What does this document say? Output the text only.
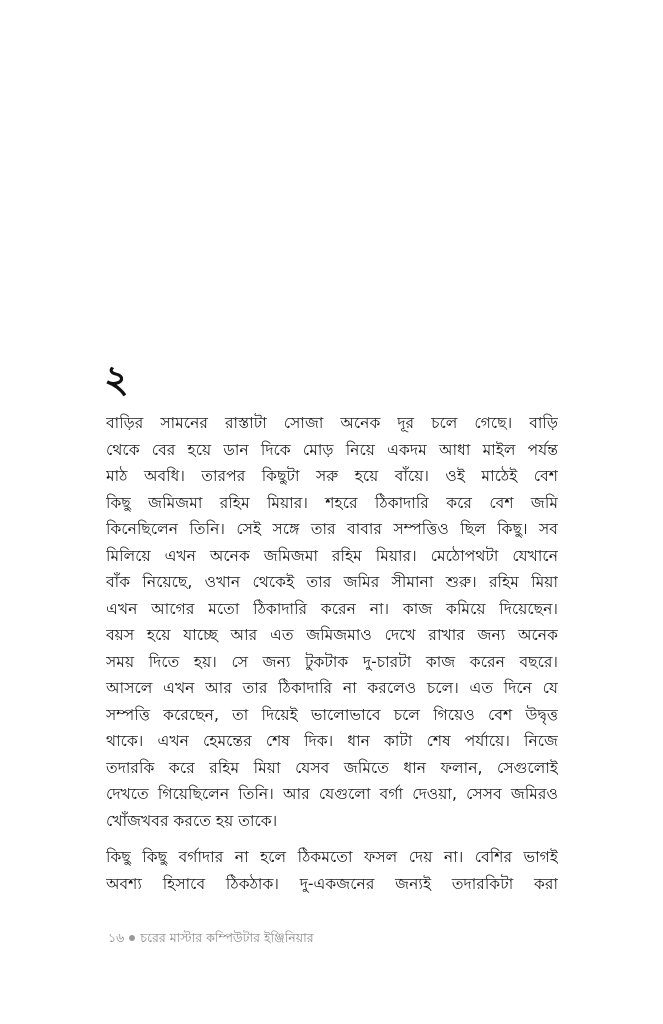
২

বাড়ির সামনের রাস্তাটা সোজা অনেক দূর চলে গেছে। বাড়ি
থেকে বের হয়ে ডান দিকে মোড় নিয়ে একদম আধা মাইল পর্যন্ত
মাঠ অবধি। তারপর কিছুটা সরু হয়ে বাঁয়ে। ওই মাঠেই বেশ
কিছু জমিজমা রহিম মিয়ার। শহরে ঠিকাদারি করে বেশ জমি
কিনেছিলেন তিনি। সেই সঙ্গে তার বাবার সম্পত্তিও ছিল কিছু। সব
মিলিয়ে এখন অনেক জমিজমা রহিম মিয়ার। মেঠোপথটা যেখানে
বাঁক নিয়েছে, ওখান থেকেই তার জমির সীমানা শুরু। রহিম মিয়া
এখন আগের মতো ঠিকাদারি করেন না। কাজ কমিয়ে দিয়েছেন।
বয়স হয়ে যাচ্ছে আর এত জমিজমাও দেখে রাখার জন্য অনেক
সময় দিতে হয়। সে জন্য টুকটাক দু-চারটা কাজ করেন বছরে।
আসলে এখন আর তার ঠিকাদারি না করলেও চলে। এত দিনে যে
সম্পত্তি করেছেন, তা দিয়েই ভালোভাবে চলে গিয়েও বেশ উদ্বৃত্ত
থাকে। এখন হেমন্তের শেষ দিক। ধান কাটা শেষ পর্যায়ে। নিজে
তদারকি করে রহিম মিয়া যেসব জমিতে ধান ফলান, সেগুলোই
দেখতে গিয়েছিলেন তিনি। আর যেগুলো বর্গা দেওয়া, সেসব জমিরও
খোঁজখবর করতে হয় তাকে।

কিছু কিছু বর্গাদার না হলে ঠিকমতো ফসল দেয় না। বেশির ভাগই
অবশ্য হিসাবে ঠিকঠাক। দু-একজনের জন্যই তদারকিটা করা

১৬ চরের মাস্টার কম্পিউটার ইঞ্জিনিয়ার
